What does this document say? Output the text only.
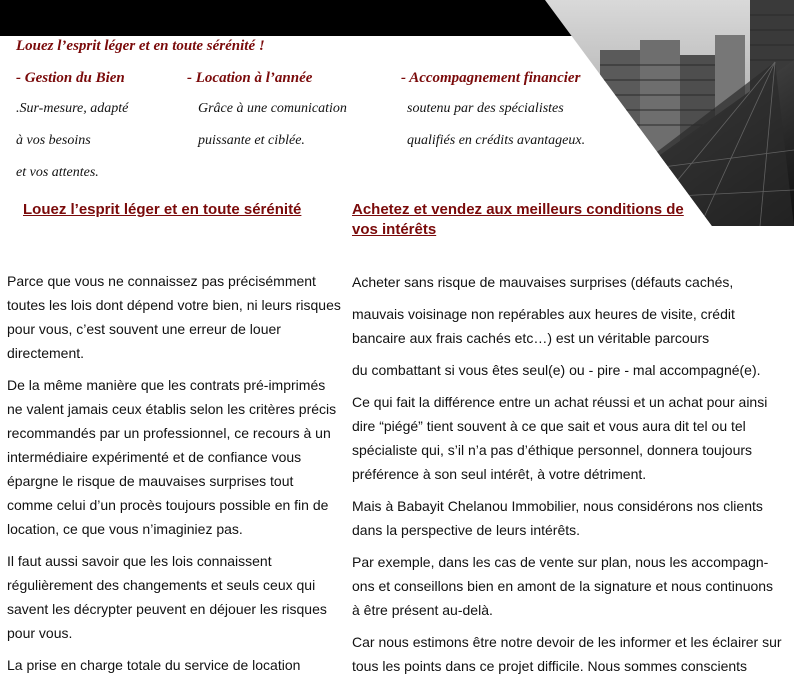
Louez l’esprit léger et en toute sérénité !
- Gestion du Bien
.Sur-mesure, adapté
à vos besoins
et vos attentes.
- Location à l’année
Grâce à une comunication
puissante et ciblée.
- Accompagnement financier
soutenu par des spécialistes
qualifiés en crédits avantageux.
Louez l’esprit léger et en toute sérénité	Achetez et vendez aux meilleurs conditions de vos intérêts

Parce que vous ne connaissez pas précisémment toutes les lois dont dépend votre bien, ni leurs risques pour vous, c’est souvent une erreur de louer directement.

De la même manière que les contrats pré-imprimés ne valent jamais ceux établis selon les critères précis recommandés par un professionnel, ce recours à un intermédiaire expérimenté et de confiance vous épargne le risque de mauvaises surprises tout comme celui d’un procès toujours possible en fin de location, ce que vous n’imaginiez pas.

Il faut aussi savoir que les lois connaissent régulièrement des changements et seuls ceux qui savent les décrypter peuvent en déjouer les risques pour vous.

La prise en charge totale du service de location

Acheter sans risque de mauvaises surprises (défauts cachés,

mauvais voisinage non repérables aux heures de visite, crédit bancaire aux frais cachés etc…) est un véritable parcours

du combattant si vous êtes seul(e) ou - pire - mal accompagné(e).

Ce qui fait la différence entre un achat réussi et un achat pour ainsi dire “piégé” tient souvent à ce que sait et vous aura dit tel ou tel spécialiste qui, s’il n’a pas d’éthique personnel, donnera toujours préférence à son seul intérêt, à votre détriment.

Mais à Babayit Chelanou Immobilier, nous considérons nos clients dans la perspective de leurs intérêts.

Par exemple, dans les cas de vente sur plan, nous les accompagn-ons et conseillons bien en amont de la signature et nous continuons à être présent au-delà.

Car nous estimons être notre devoir de les informer et les éclairer sur tous les points dans ce projet difficile. Nous sommes conscients
